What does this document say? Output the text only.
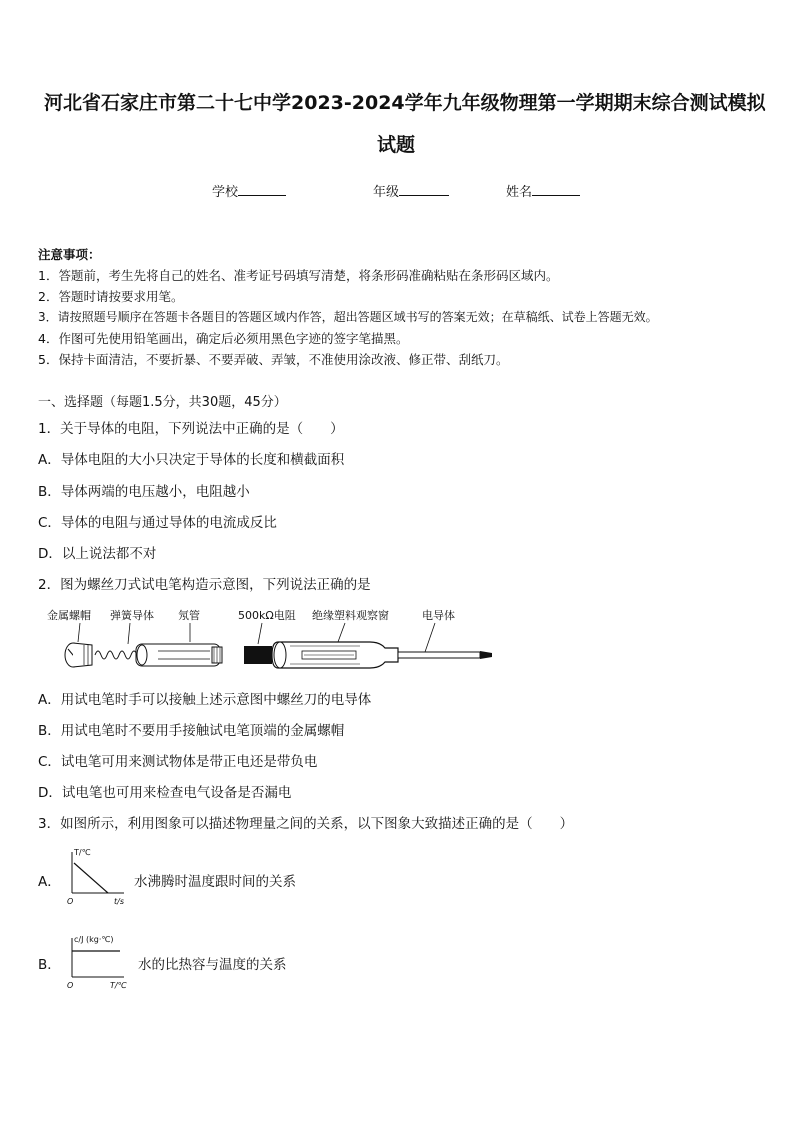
河北省石家庄市第二十七中学2023-2024学年九年级物理第一学期期末综合测试模拟
试题
学校	年级	姓名
注意事项：
1．答题前，考生先将自己的姓名、准考证号码填写清楚，将条形码准确粘贴在条形码区域内。
2．答题时请按要求用笔。
3．请按照题号顺序在答题卡各题目的答题区域内作答，超出答题区域书写的答案无效；在草稿纸、试卷上答题无效。
4．作图可先使用铅笔画出，确定后必须用黑色字迹的签字笔描黑。
5．保持卡面清洁，不要折暴、不要弄破、弄皱，不准使用涂改液、修正带、刮纸刀。
一、选择题（每题1.5分，共30题，45分）
1．关于导体的电阻，下列说法中正确的是（　　）
A．导体电阻的大小只决定于导体的长度和横截面积
B．导体两端的电压越小，电阻越小
C．导体的电阻与通过导体的电流成反比
D．以上说法都不对
2．图为螺丝刀式试电笔构造示意图，下列说法正确的是
金属螺帽 弹簧导体 氖管	500kΩ电阻 绝缘塑料观察窗	电导体
A．用试电笔时手可以接触上述示意图中螺丝刀的电导体
B．用试电笔时不要用手接触试电笔顶端的金属螺帽
C．试电笔可用来测试物体是带正电还是带负电
D．试电笔也可用来检查电气设备是否漏电
3．如图所示，利用图象可以描述物理量之间的关系，以下图象大致描述正确的是（　　）
A．
T/℃
O	t/s
水沸腾时温度跟时间的关系
B．
c/J (kg·℃)
O	T/℃
水的比热容与温度的关系
